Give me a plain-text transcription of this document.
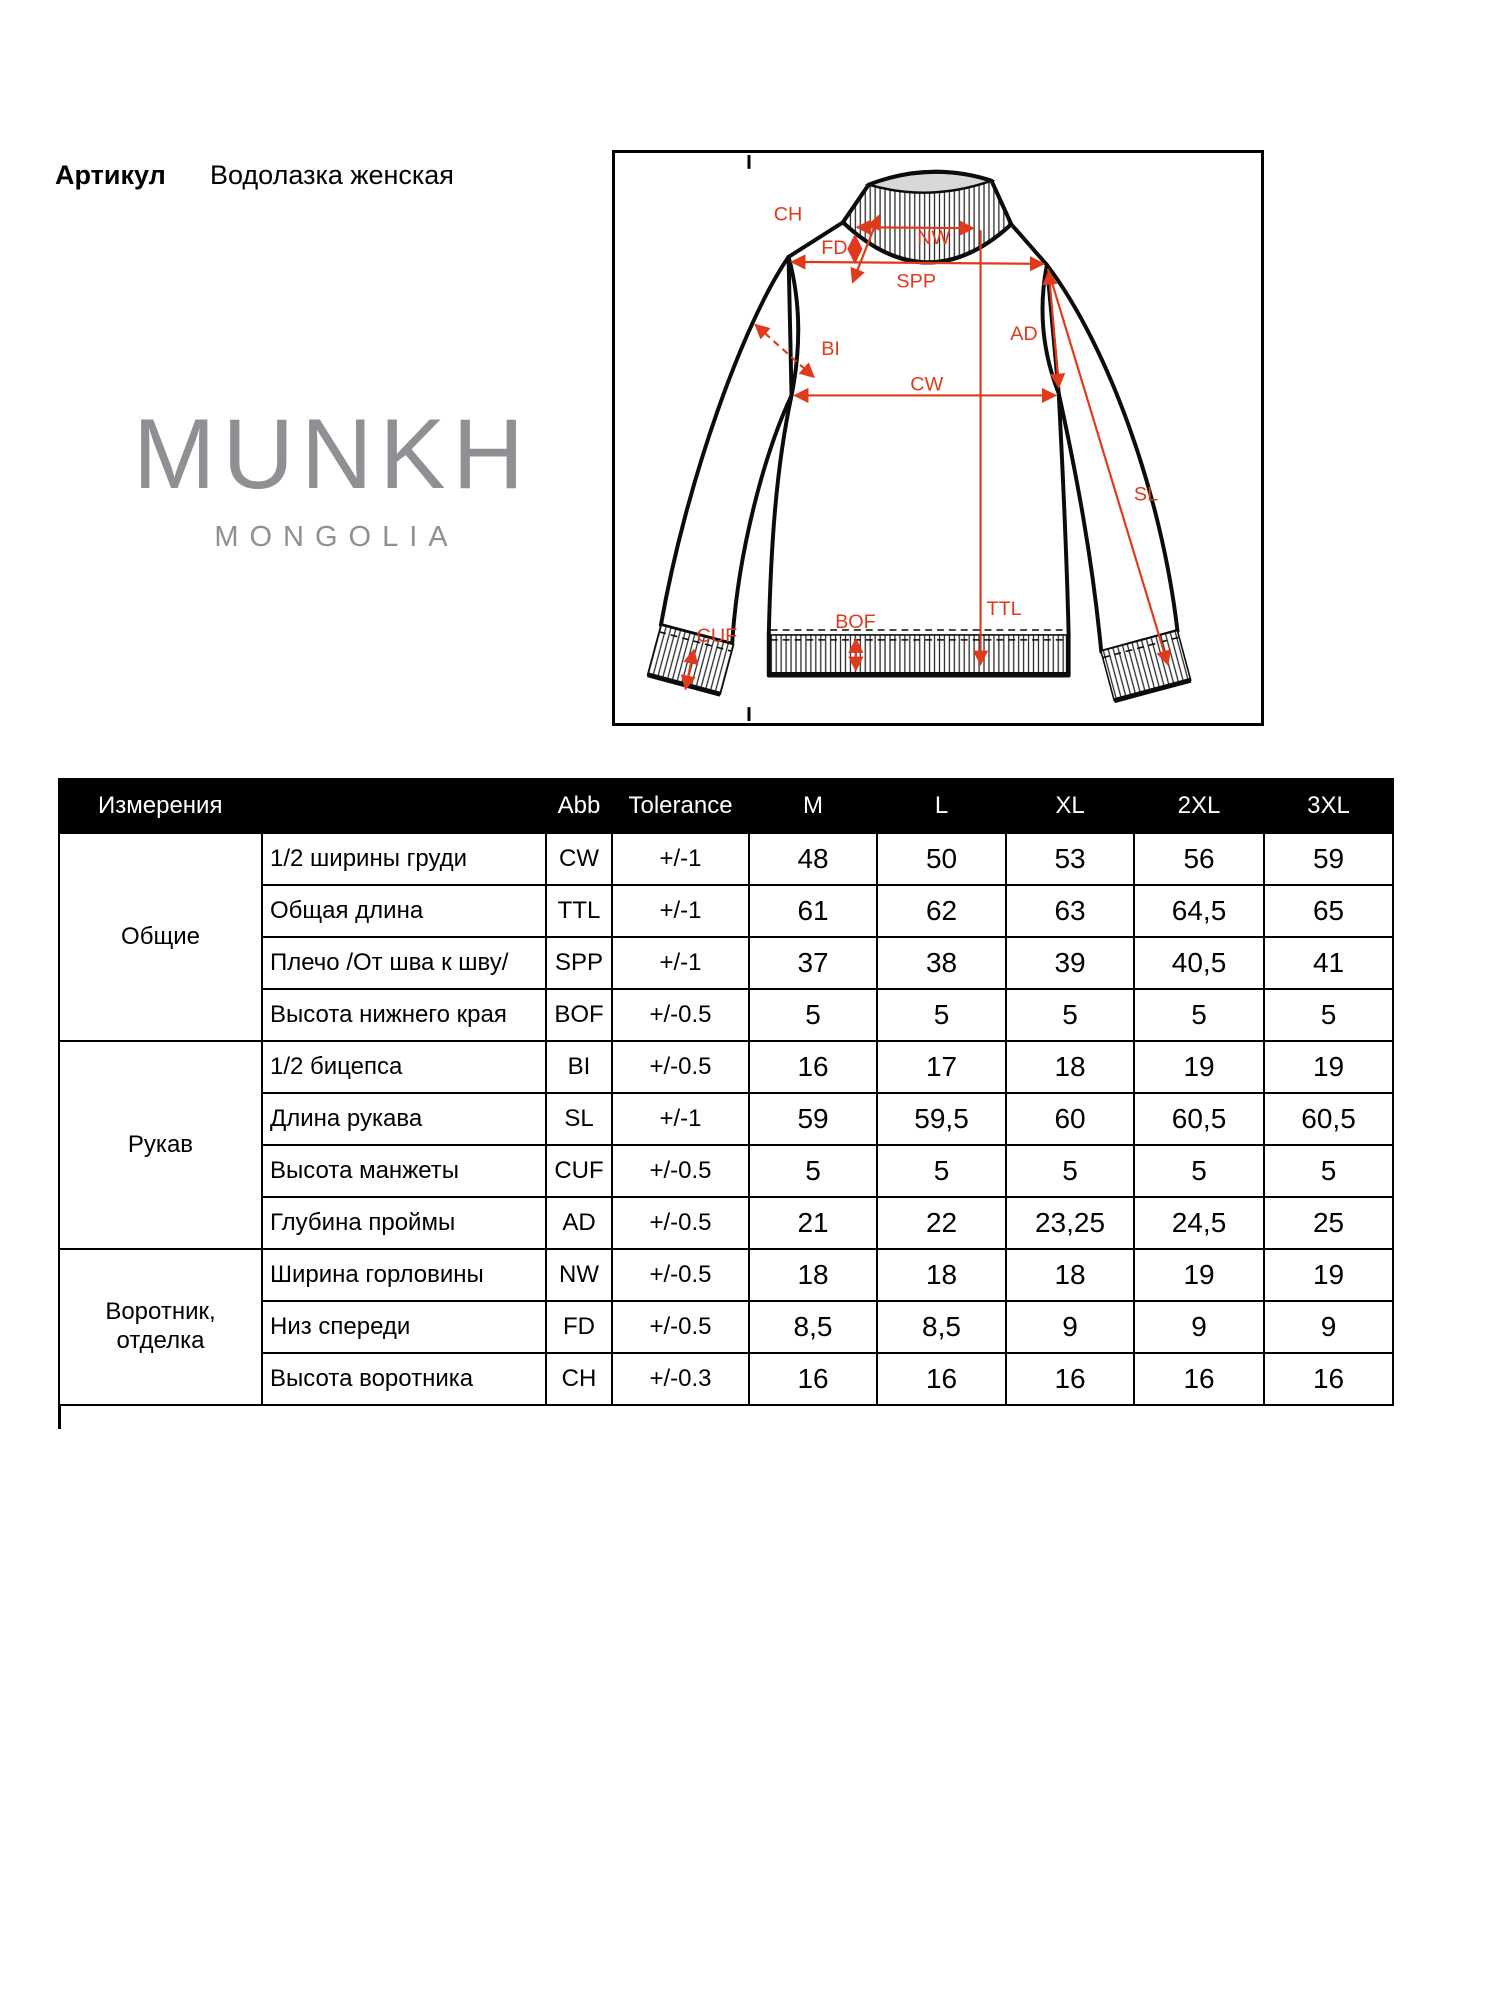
Артикул Водолазка женская
MUNKH
MONGOLIA
CH
NW
FD
SPP
BI
CW
AD
SL
TTL
BOF
CUF
Измерения		Abb	Tolerance	M	L	XL	2XL	3XL
Общие	1/2 ширины груди	CW	+/-1	48	50	53	56	59
	Общая длина	TTL	+/-1	61	62	63	64,5	65
	Плечо /От шва к шву/	SPP	+/-1	37	38	39	40,5	41
	Высота нижнего края	BOF	+/-0.5	5	5	5	5	5
Рукав	1/2 бицепса	BI	+/-0.5	16	17	18	19	19
	Длина рукава	SL	+/-1	59	59,5	60	60,5	60,5
	Высота манжеты	CUF	+/-0.5	5	5	5	5	5
	Глубина проймы	AD	+/-0.5	21	22	23,25	24,5	25
Воротник, отделка	Ширина горловины	NW	+/-0.5	18	18	18	19	19
	Низ спереди	FD	+/-0.5	8,5	8,5	9	9	9
	Высота воротника	CH	+/-0.3	16	16	16	16	16
